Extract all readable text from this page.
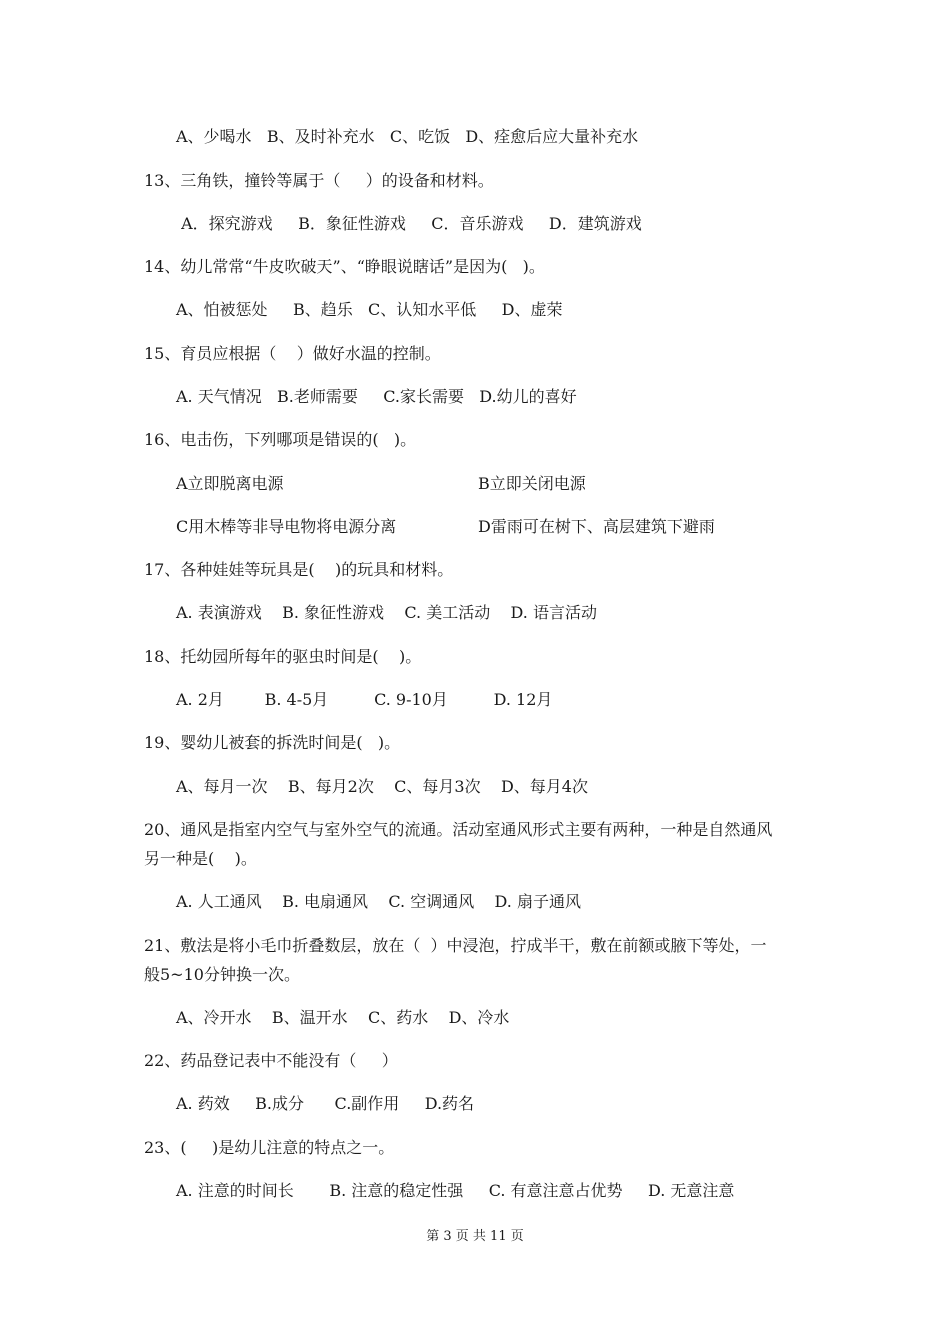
A、少喝水   B、及时补充水   C、吃饭   D、痊愈后应大量补充水
13、三角铁，撞铃等属于（     ）的设备和材料。
A．探究游戏     B．象征性游戏     C．音乐游戏     D．建筑游戏
14、幼儿常常“牛皮吹破天”、“睁眼说瞎话”是因为(   )。
A、怕被惩处     B、趋乐   C、认知水平低     D、虚荣
15、育员应根据（    ）做好水温的控制。
A. 天气情况   B.老师需要     C.家长需要   D.幼儿的喜好
16、电击伤，下列哪项是错误的(   )。
A立即脱离电源	B立即关闭电源
C用木棒等非导电物将电源分离	D雷雨可在树下、高层建筑下避雨
17、各种娃娃等玩具是(    )的玩具和材料。
A. 表演游戏    B. 象征性游戏    C. 美工活动    D. 语言活动
18、托幼园所每年的驱虫时间是(    )。
A. 2月        B. 4-5月         C. 9-10月         D. 12月
19、婴幼儿被套的拆洗时间是(   )。
A、每月一次    B、每月2次    C、每月3次    D、每月4次
20、通风是指室内空气与室外空气的流通。活动室通风形式主要有两种，一种是自然通风
另一种是(    )。
A. 人工通风    B. 电扇通风    C. 空调通风    D. 扇子通风
21、敷法是将小毛巾折叠数层，放在（  ）中浸泡，拧成半干，敷在前额或腋下等处，一
般5~10分钟换一次。
A、冷开水    B、温开水    C、药水    D、冷水
22、药品登记表中不能没有（     ）
A. 药效     B.成分      C.副作用     D.药名
23、(     )是幼儿注意的特点之一。
A. 注意的时间长       B. 注意的稳定性强     C. 有意注意占优势     D. 无意注意
第 3 页 共 11 页
